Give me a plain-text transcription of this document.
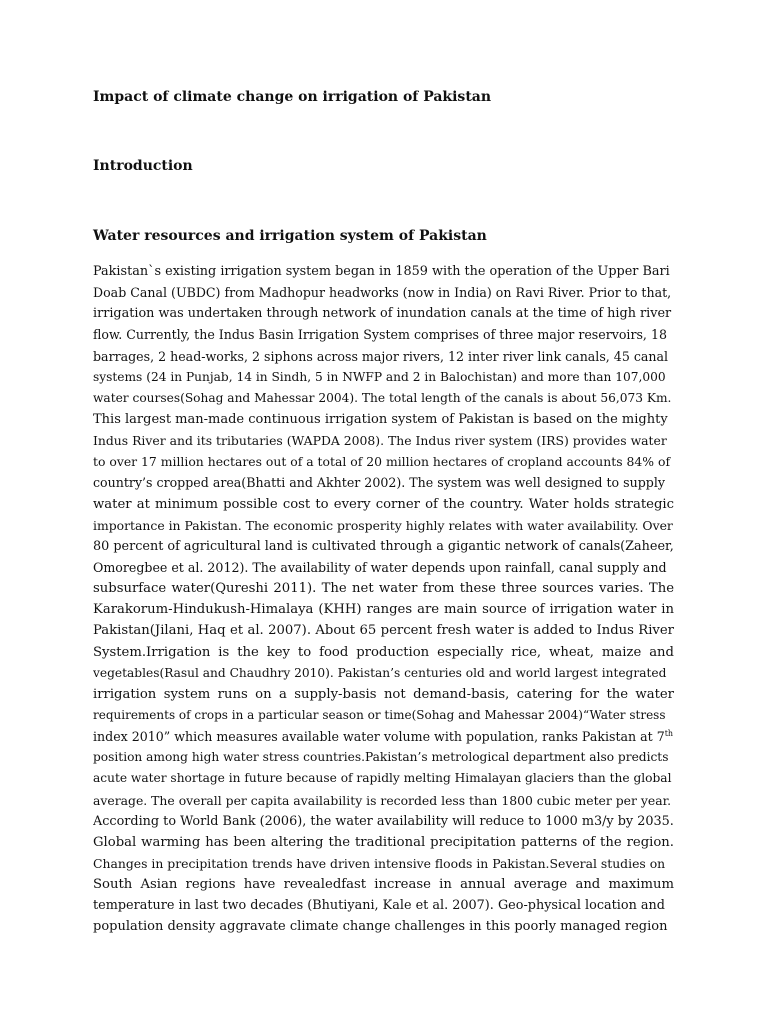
Impact of climate change on irrigation of Pakistan
Introduction
Water resources and irrigation system of Pakistan
Pakistan`s existing irrigation system began in 1859 with the operation of the Upper Bari
Doab Canal (UBDC) from Madhopur headworks (now in India) on Ravi River. Prior to that,
irrigation was undertaken through network of inundation canals at the time of high river
flow. Currently, the Indus Basin Irrigation System comprises of three major reservoirs, 18
barrages, 2 head-works, 2 siphons across major rivers, 12 inter river link canals, 45 canal
systems (24 in Punjab, 14 in Sindh, 5 in NWFP and 2 in Balochistan) and more than 107,000
water courses(Sohag and Mahessar 2004). The total length of the canals is about 56,073 Km.
This largest man-made continuous irrigation system of Pakistan is based on the mighty
Indus River and its tributaries (WAPDA 2008). The Indus river system (IRS) provides water
to over 17 million hectares out of a total of 20 million hectares of cropland accounts 84% of
country’s cropped area(Bhatti and Akhter 2002). The system was well designed to supply
water at minimum possible cost to every corner of the country. Water holds strategic
importance in Pakistan. The economic prosperity highly relates with water availability. Over
80 percent of agricultural land is cultivated through a gigantic network of canals(Zaheer,
Omoregbee et al. 2012). The availability of water depends upon rainfall, canal supply and
subsurface water(Qureshi 2011). The net water from these three sources varies. The
Karakorum-Hindukush-Himalaya (KHH) ranges are main source of irrigation water in
Pakistan(Jilani, Haq et al. 2007). About 65 percent fresh water is added to Indus River
System.Irrigation is the key to food production especially rice, wheat, maize and
vegetables(Rasul and Chaudhry 2010). Pakistan’s centuries old and world largest integrated
irrigation system runs on a supply-basis not demand-basis, catering for the water
requirements of crops in a particular season or time(Sohag and Mahessar 2004)“Water stress
index 2010” which measures available water volume with population, ranks Pakistan at 7th
position among high water stress countries.Pakistan’s metrological department also predicts
acute water shortage in future because of rapidly melting Himalayan glaciers than the global
average. The overall per capita availability is recorded less than 1800 cubic meter per year.
According to World Bank (2006), the water availability will reduce to 1000 m3/y by 2035.
Global warming has been altering the traditional precipitation patterns of the region.
Changes in precipitation trends have driven intensive floods in Pakistan.Several studies on
South Asian regions have revealedfast increase in annual average and maximum
temperature in last two decades (Bhutiyani, Kale et al. 2007). Geo-physical location and
population density aggravate climate change challenges in this poorly managed region
